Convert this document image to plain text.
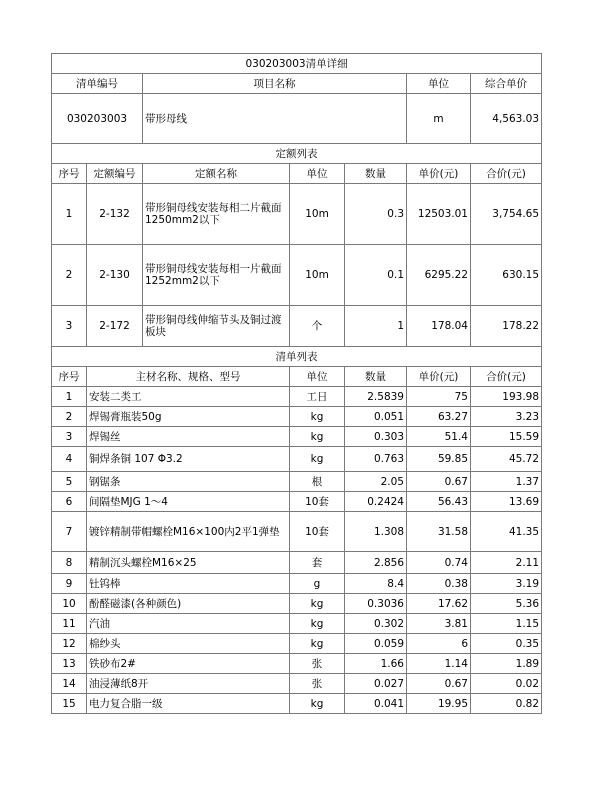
030203003清单详细						
清单编号		项目名称			单位	综合单价
030203003		带形母线			m	4,563.03
定额列表						
序号	定额编号	定额名称	单位	数量	单价(元)	合价(元)
1	2-132	带形铜母线安装每相二片截面1250mm2以下	10m	0.3	12503.01	3,754.65
2	2-130	带形铜母线安装每相一片截面1252mm2以下	10m	0.1	6295.22	630.15
3	2-172	带形铜母线伸缩节头及铜过渡板块	个	1	178.04	178.22
清单列表						
序号	主材名称、规格、型号		单位	数量	单价(元)	合价(元)
1	安装二类工		工日	2.5839	75	193.98
2	焊锡膏瓶装50g		kg	0.051	63.27	3.23
3	焊锡丝		kg	0.303	51.4	15.59
4	铜焊条铜 107 Φ3.2		kg	0.763	59.85	45.72
5	钢锯条		根	2.05	0.67	1.37
6	间隔垫MJG 1～4		10套	0.2424	56.43	13.69
7	镀锌精制带帽螺栓M16×100内2平1弹垫		10套	1.308	31.58	41.35
8	精制沉头螺栓M16×25		套	2.856	0.74	2.11
9	钍钨棒		g	8.4	0.38	3.19
10	酚醛磁漆(各种颜色)		kg	0.3036	17.62	5.36
11	汽油		kg	0.302	3.81	1.15
12	棉纱头		kg	0.059	6	0.35
13	铁砂布2#		张	1.66	1.14	1.89
14	油浸薄纸8开		张	0.027	0.67	0.02
15	电力复合脂一级		kg	0.041	19.95	0.82
